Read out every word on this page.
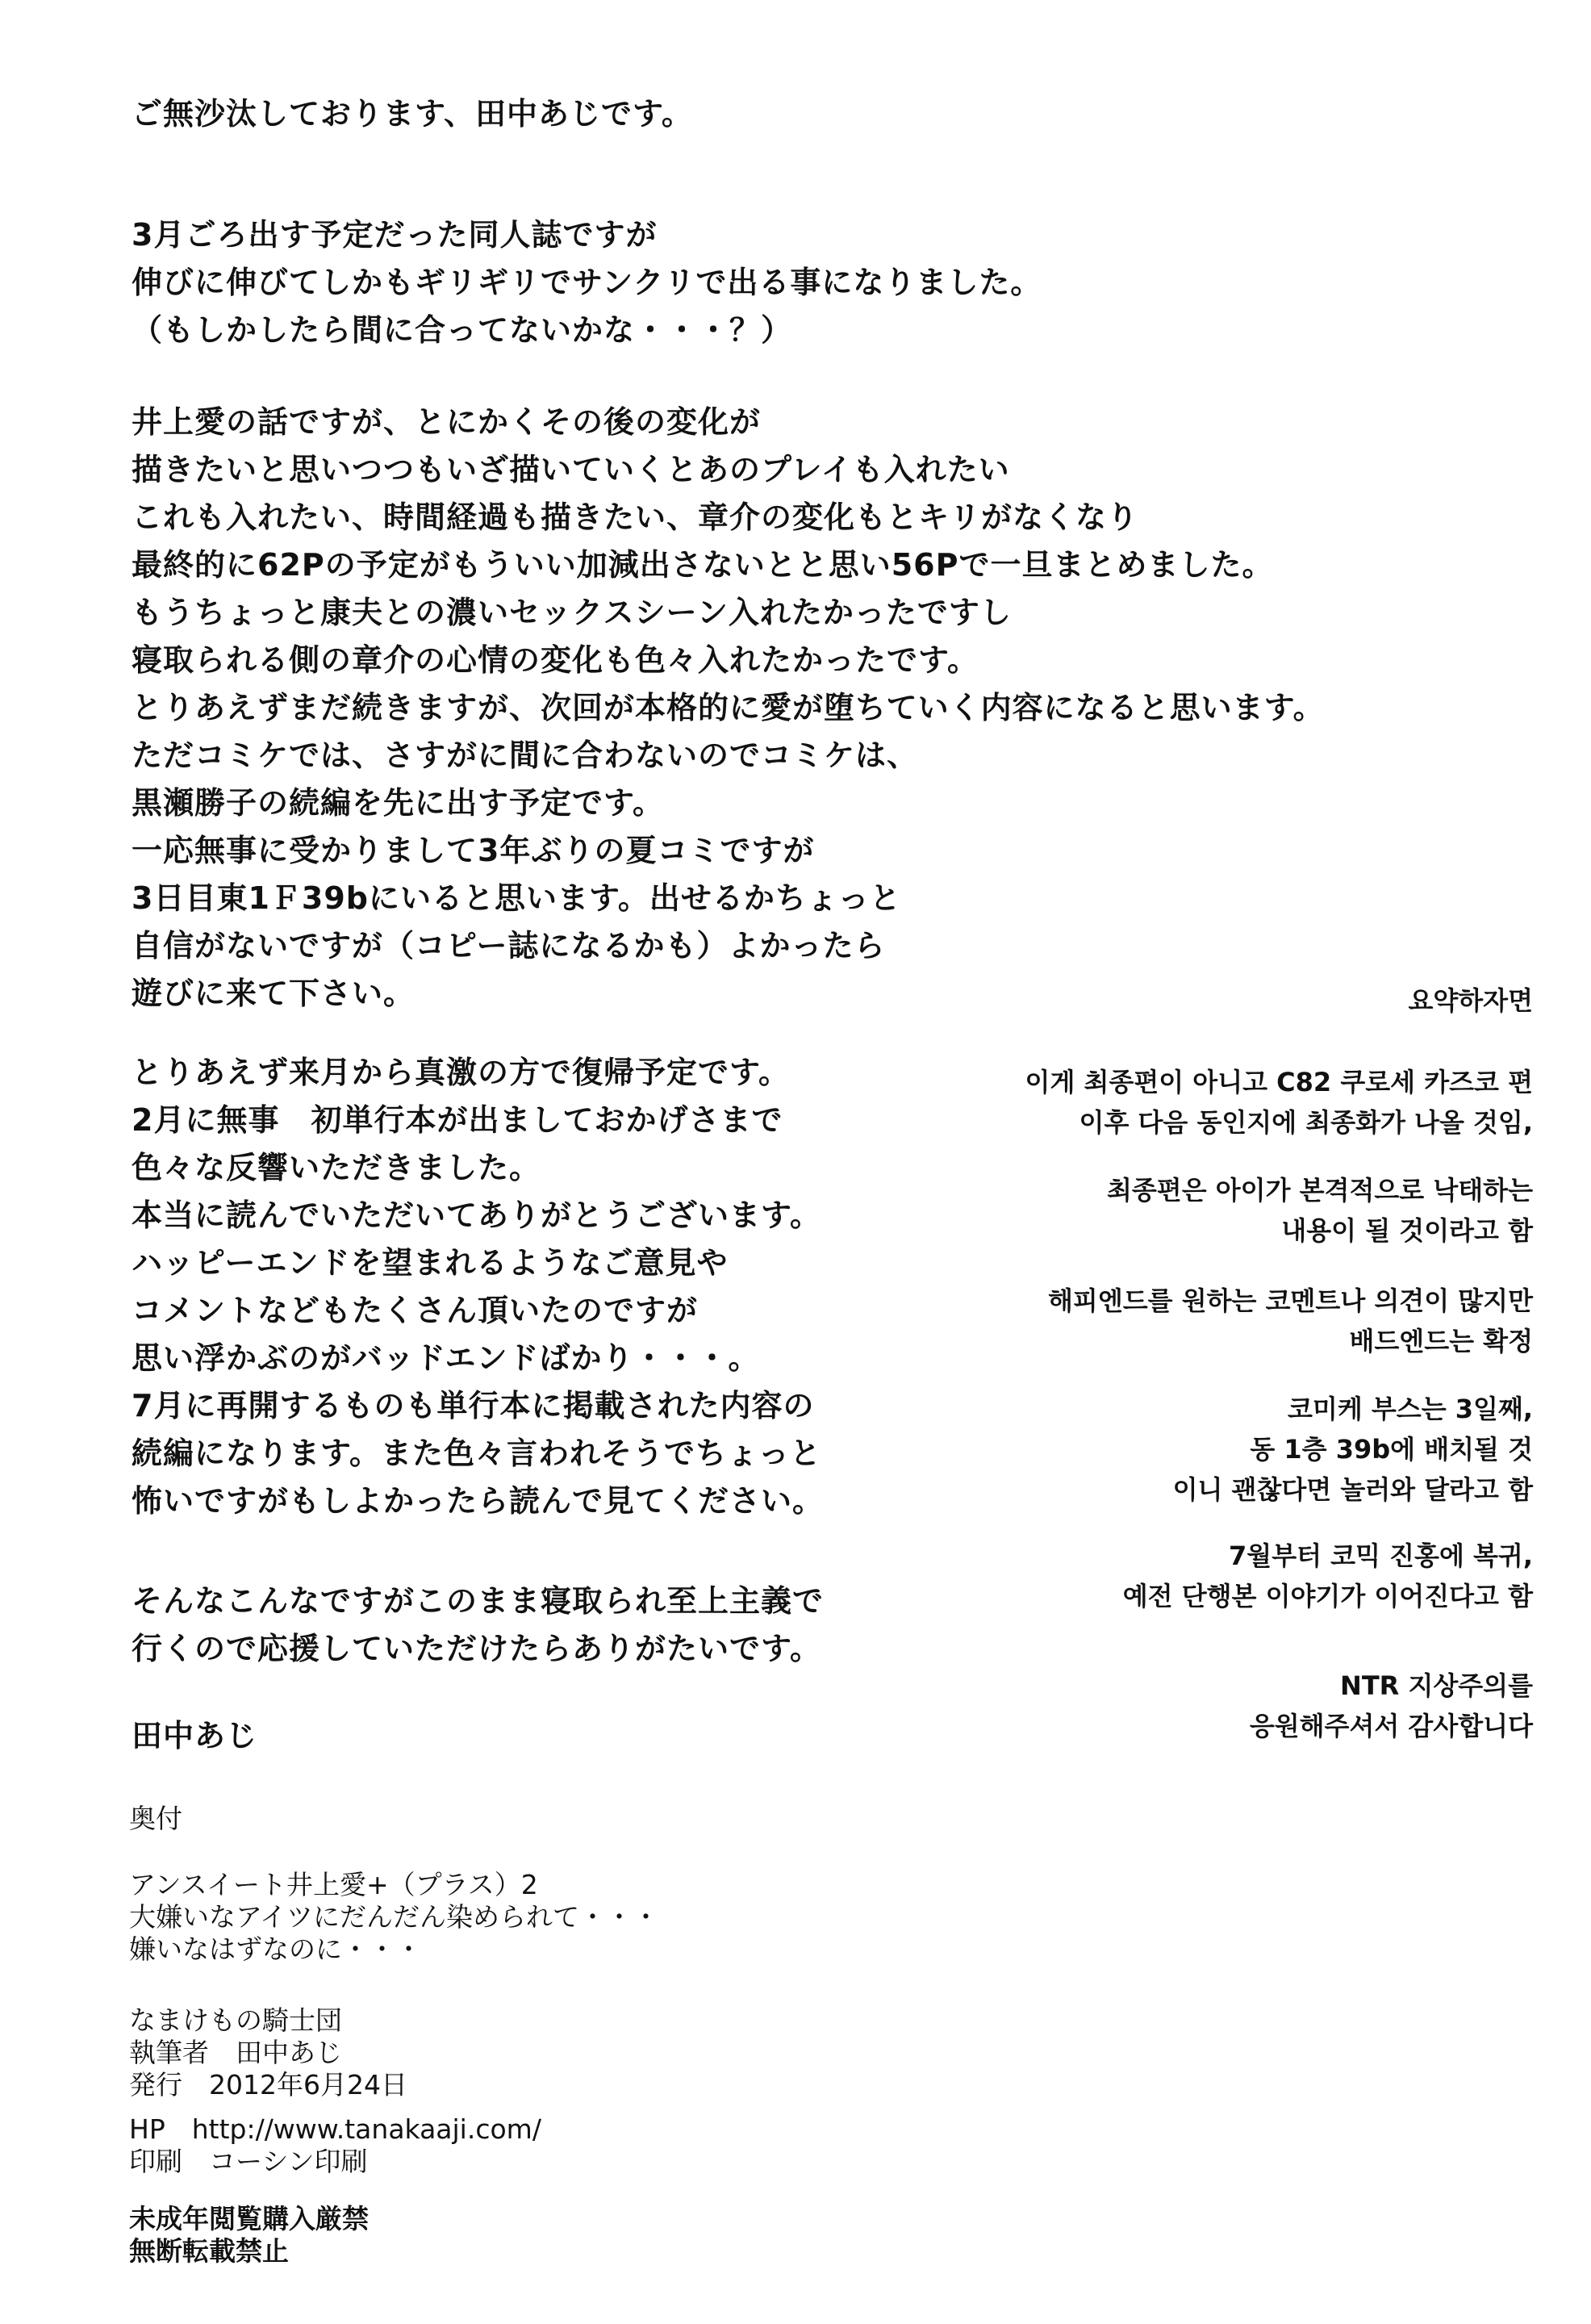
ご無沙汰しております、田中あじです。
3月ごろ出す予定だった同人誌ですが
伸びに伸びてしかもギリギリでサンクリで出る事になりました。
（もしかしたら間に合ってないかな・・・？）
井上愛の話ですが、とにかくその後の変化が
描きたいと思いつつもいざ描いていくとあのプレイも入れたい
これも入れたい、時間経過も描きたい、章介の変化もとキリがなくなり
最終的に62Pの予定がもういい加減出さないとと思い56Pで一旦まとめました。
もうちょっと康夫との濃いセックスシーン入れたかったですし
寝取られる側の章介の心情の変化も色々入れたかったです。
とりあえずまだ続きますが、次回が本格的に愛が堕ちていく内容になると思います。
ただコミケでは、さすがに間に合わないのでコミケは、
黒瀬勝子の続編を先に出す予定です。
一応無事に受かりまして3年ぶりの夏コミですが
3日目東1Ｆ39bにいると思います。出せるかちょっと
自信がないですが（コピー誌になるかも）よかったら
遊びに来て下さい。
とりあえず来月から真激の方で復帰予定です。
2月に無事　初単行本が出ましておかげさまで
色々な反響いただきました。
本当に読んでいただいてありがとうございます。
ハッピーエンドを望まれるようなご意見や
コメントなどもたくさん頂いたのですが
思い浮かぶのがバッドエンドばかり・・・。
7月に再開するものも単行本に掲載された内容の
続編になります。また色々言われそうでちょっと
怖いですがもしよかったら読んで見てください。
そんなこんなですがこのまま寝取られ至上主義で
行くので応援していただけたらありがたいです。
田中あじ
요약하자면
이게 최종편이 아니고 C82 쿠로세 카즈코 편
이후 다음 동인지에 최종화가 나올 것임,
최종편은 아이가 본격적으로 낙태하는
내용이 될 것이라고 함
해피엔드를 원하는 코멘트나 의견이 많지만
배드엔드는 확정
코미케 부스는 3일째,
동 1층 39b에 배치될 것
이니 괜찮다면 놀러와 달라고 함
7월부터 코믹 진홍에 복귀,
예전 단행본 이야기가 이어진다고 함
NTR 지상주의를
응원해주셔서 감사합니다
奥付
アンスイート井上愛+（プラス）2
大嫌いなアイツにだんだん染められて・・・
嫌いなはずなのに・・・
なまけもの騎士団
執筆者　田中あじ
発行　2012年6月24日
HP　http://www.tanakaaji.com/
印刷　コーシン印刷
未成年閲覧購入厳禁
無断転載禁止
